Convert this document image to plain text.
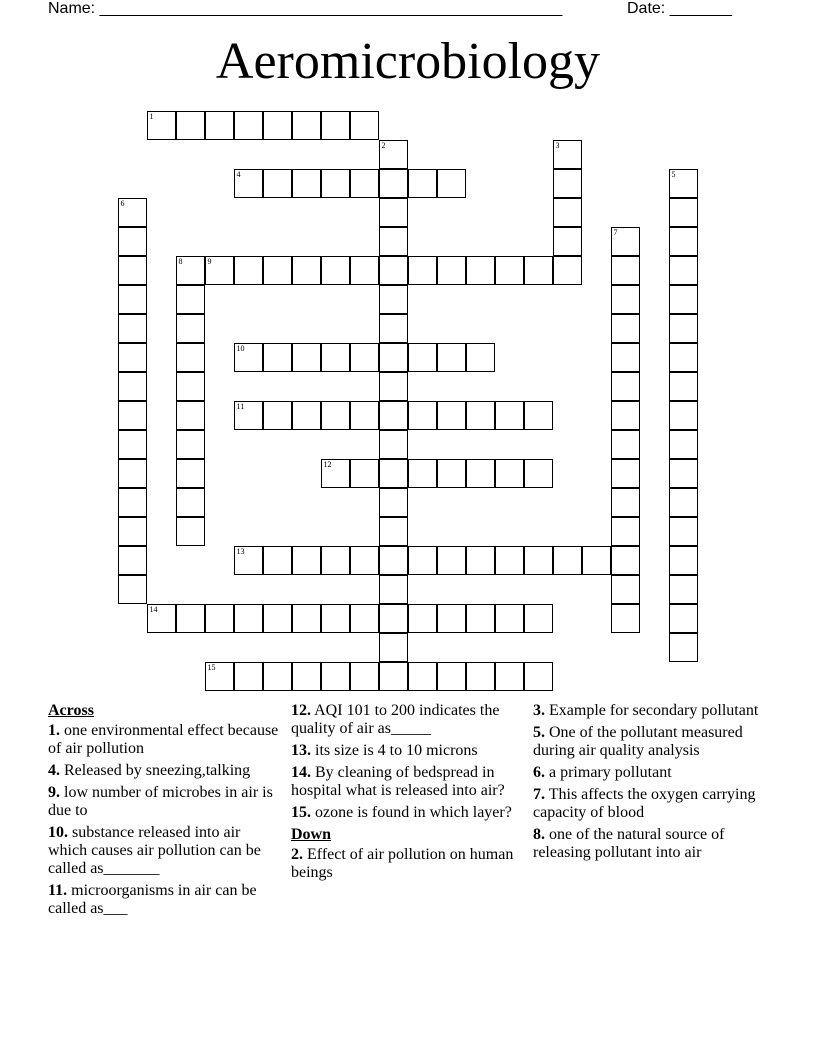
Name: ____________________________________________________	Date: _______
Aeromicrobiology
1
2	3
4	5
6
7
8	9
10
11
12
13
14
15
Across
1. one environmental effect because of air pollution
4. Released by sneezing,talking
9. low number of microbes in air is due to
10. substance released into air which causes air pollution can be called as_______
11. microorganisms in air can be called as___
12. AQI 101 to 200 indicates the quality of air as_____
13. its size is 4 to 10 microns
14. By cleaning of bedspread in hospital what is released into air?
15. ozone is found in which layer?
Down
2. Effect of air pollution on human beings
3. Example for secondary pollutant
5. One of the pollutant measured during air quality analysis
6. a primary pollutant
7. This affects the oxygen carrying capacity of blood
8. one of the natural source of releasing pollutant into air
